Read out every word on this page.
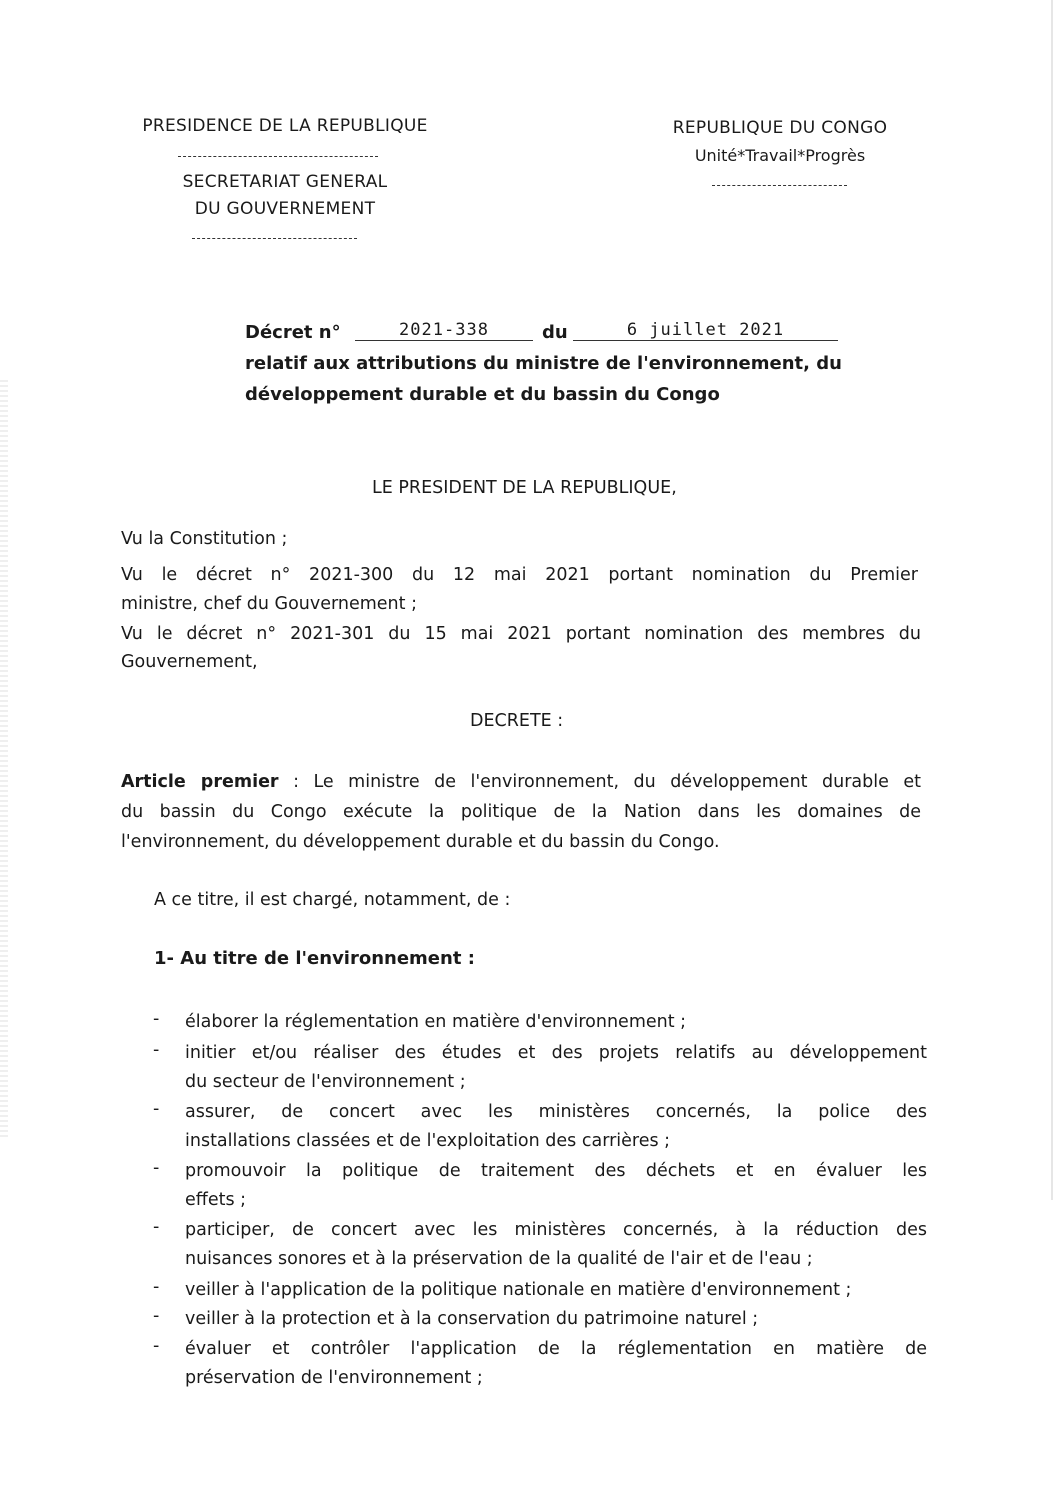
PRESIDENCE DE LA REPUBLIQUE
SECRETARIAT GENERAL
DU GOUVERNEMENT
REPUBLIQUE DU CONGO
Unité*Travail*Progrès
Décret n°	2021-338	du	6 juillet 2021
relatif aux attributions du ministre de l'environnement, du
développement durable et du bassin du Congo
LE PRESIDENT DE LA REPUBLIQUE,
Vu la Constitution ;
Vu le décret n° 2021-300 du 12 mai 2021 portant nomination du Premier
ministre, chef du Gouvernement ;
Vu le décret n° 2021-301 du 15 mai 2021 portant nomination des membres du
Gouvernement,
DECRETE :
Article premier : Le ministre de l'environnement, du développement durable et
du bassin du Congo exécute la politique de la Nation dans les domaines de
l'environnement, du développement durable et du bassin du Congo.
A ce titre, il est chargé, notamment, de :
1- Au titre de l'environnement :
- élaborer la réglementation en matière d'environnement ;
- initier et/ou réaliser des études et des projets relatifs au développement
du secteur de l'environnement ;
- assurer, de concert avec les ministères concernés, la police des
installations classées et de l'exploitation des carrières ;
- promouvoir la politique de traitement des déchets et en évaluer les
effets ;
- participer, de concert avec les ministères concernés, à la réduction des
nuisances sonores et à la préservation de la qualité de l'air et de l'eau ;
- veiller à l'application de la politique nationale en matière d'environnement ;
- veiller à la protection et à la conservation du patrimoine naturel ;
- évaluer et contrôler l'application de la réglementation en matière de
préservation de l'environnement ;
